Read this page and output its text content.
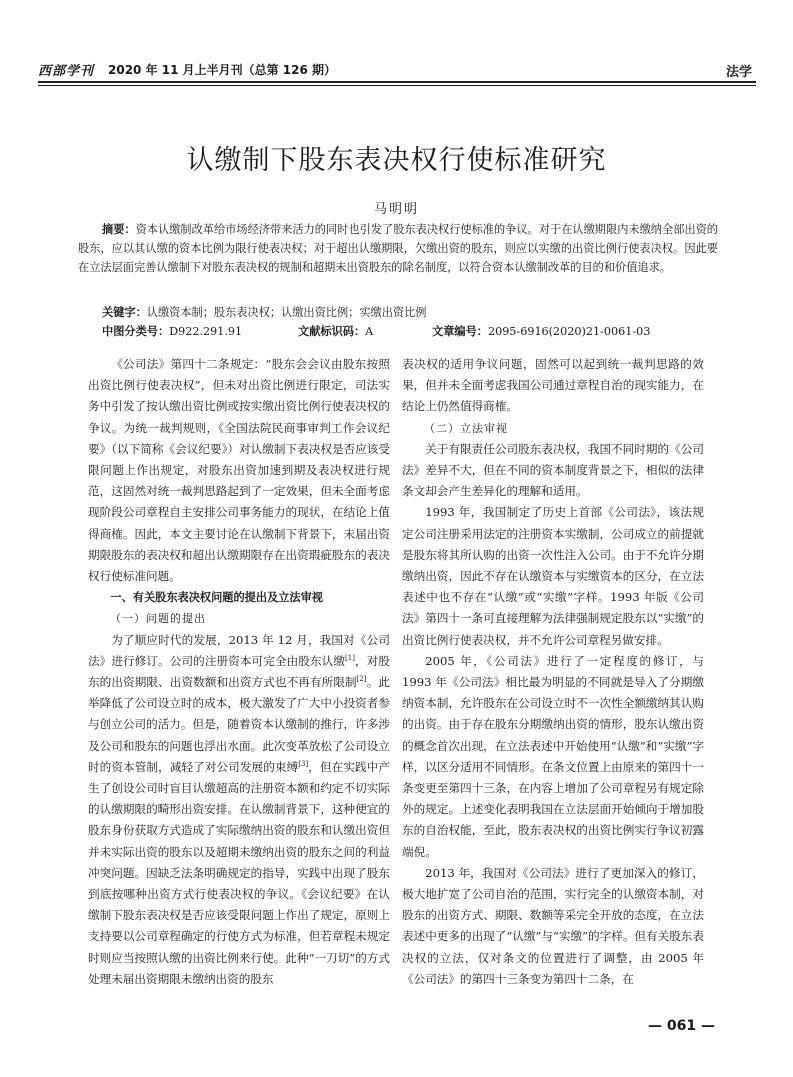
西部学刊 2020 年 11 月上半月刊（总第 126 期）	法学
认缴制下股东表决权行使标准研究
马明明
摘要：资本认缴制改革给市场经济带来活力的同时也引发了股东表决权行使标准的争议。对于在认缴期限内未缴纳全部出资的股东，应以其认缴的资本比例为限行使表决权；对于超出认缴期限，欠缴出资的股东，则应以实缴的出资比例行使表决权。因此要在立法层面完善认缴制下对股东表决权的规制和超期未出资股东的除名制度，以符合资本认缴制改革的目的和价值追求。
关键字：认缴资本制；股东表决权；认缴出资比例；实缴出资比例
中图分类号：D922.291.91	文献标识码：A	文章编号：2095-6916(2020)21-0061-03

《公司法》第四十二条规定：“股东会会议由股东按照出资比例行使表决权”，但未对出资比例进行限定，司法实务中引发了按认缴出资比例或按实缴出资比例行使表决权的争议。为统一裁判规则，《全国法院民商事审判工作会议纪要》（以下简称《会议纪要》）对认缴制下表决权是否应该受限问题上作出规定，对股东出资加速到期及表决权进行规范，这固然对统一裁判思路起到了一定效果，但未全面考虑现阶段公司章程自主安排公司事务能力的现状，在结论上值得商榷。因此，本文主要讨论在认缴制下背景下，未届出资期限股东的表决权和超出认缴期限存在出资瑕疵股东的表决权行使标准问题。

一、有关股东表决权问题的提出及立法审视

（一）问题的提出

为了顺应时代的发展，2013 年 12 月，我国对《公司法》进行修订。公司的注册资本可完全由股东认缴[1]，对股东的出资期限、出资数额和出资方式也不再有所限制[2]。此举降低了公司设立时的成本，极大激发了广大中小投资者参与创立公司的活力。但是，随着资本认缴制的推行，许多涉及公司和股东的问题也浮出水面。此次变革放松了公司设立时的资本管制，减轻了对公司发展的束缚[3]，但在实践中产生了创设公司时盲目认缴超高的注册资本额和约定不切实际的认缴期限的畸形出资安排。在认缴制背景下，这种便宜的股东身份获取方式造成了实际缴纳出资的股东和认缴出资但并未实际出资的股东以及超期未缴纳出资的股东之间的利益冲突问题。因缺乏法条明确规定的指导，实践中出现了股东到底按哪种出资方式行使表决权的争议。《会议纪要》在认缴制下股东表决权是否应该受限问题上作出了规定，原则上支持要以公司章程确定的行使方式为标准，但若章程未规定时则应当按照认缴的出资比例来行使。此种“一刀切”的方式处理未届出资期限未缴纳出资的股东

表决权的适用争议问题，固然可以起到统一裁判思路的效果，但并未全面考虑我国公司通过章程自治的现实能力，在结论上仍然值得商榷。

（二）立法审视

关于有限责任公司股东表决权，我国不同时期的《公司法》差异不大，但在不同的资本制度背景之下，相似的法律条文却会产生差异化的理解和适用。

1993 年，我国制定了历史上首部《公司法》，该法规定公司注册采用法定的注册资本实缴制，公司成立的前提就是股东将其所认购的出资一次性注入公司。由于不允许分期缴纳出资，因此不存在认缴资本与实缴资本的区分，在立法表述中也不存在“认缴”或“实缴”字样。1993 年版《公司法》第四十一条可直接理解为法律强制规定股东以“实缴”的出资比例行使表决权，并不允许公司章程另做安排。

2005 年，《公司法》进行了一定程度的修订，与 1993 年《公司法》相比最为明显的不同就是导入了分期缴纳资本制，允许股东在公司设立时不一次性全额缴纳其认购的出资。由于存在股东分期缴纳出资的情形，股东认缴出资的概念首次出现，在立法表述中开始使用“认缴”和“实缴”字样，以区分适用不同情形。在条文位置上由原来的第四十一条变更至第四十三条，在内容上增加了公司章程另有规定除外的规定。上述变化表明我国在立法层面开始倾向于增加股东的自治权能，至此，股东表决权的出资比例实行争议初露端倪。

2013 年，我国对《公司法》进行了更加深入的修订，极大地扩宽了公司自治的范围，实行完全的认缴资本制，对股东的出资方式、期限、数额等采完全开放的态度，在立法表述中更多的出现了“认缴”与“实缴”的字样。但有关股东表决权的立法，仅对条文的位置进行了调整，由 2005 年《公司法》的第四十三条变为第四十二条，在

— 061 —
